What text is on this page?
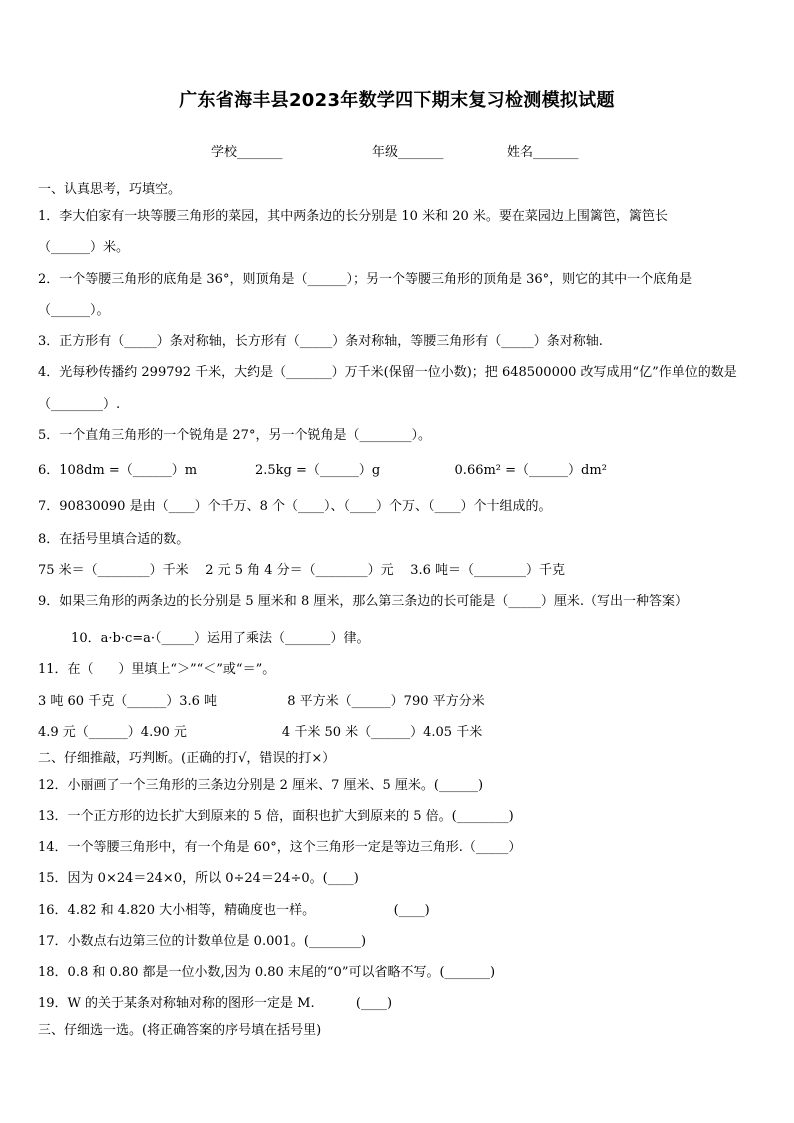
广东省海丰县2023年数学四下期末复习检测模拟试题
学校_______	年级_______	姓名_______
一、认真思考，巧填空。
1．李大伯家有一块等腰三角形的菜园，其中两条边的长分别是 10 米和 20 米。要在菜园边上围篱笆，篱笆长
（______）米。
2．一个等腰三角形的底角是 36°，则顶角是（______）；另一个等腰三角形的顶角是 36°，则它的其中一个底角是
（______）。
3．正方形有（_____）条对称轴，长方形有（_____）条对称轴，等腰三角形有（_____）条对称轴.
4．光每秒传播约 299792 千米，大约是（_______）万千米(保留一位小数)；把 648500000 改写成用“亿”作单位的数是
（________）.
5．一个直角三角形的一个锐角是 27°，另一个锐角是（________）。
6．108dm =（______）m              2.5kg =（______）g                  0.66m² =（______）dm²
7．90830090 是由（____）个千万、8 个（____）、（____）个万、（____）个十组成的。
8．在括号里填合适的数。
75 米＝（________）千米    2 元 5 角 4 分＝（________）元    3.6 吨＝（________）千克
9．如果三角形的两条边的长分别是 5 厘米和 8 厘米，那么第三条边的长可能是（_____）厘米.（写出一种答案）
10．a·b·c=a·（_____）运用了乘法（_______）律。
11．在（      ）里填上“＞”“＜”或“＝”。
3 吨 60 千克（______）3.6 吨                 8 平方米（______）790 平方分米
4.9 元（______）4.90 元                       4 千米 50 米（______）4.05 千米
二、仔细推敲，巧判断。(正确的打√，错误的打×）
12．小丽画了一个三角形的三条边分别是 2 厘米、7 厘米、5 厘米。(______)
13．一个正方形的边长扩大到原来的 5 倍，面积也扩大到原来的 5 倍。(________)
14．一个等腰三角形中，有一个角是 60°，这个三角形一定是等边三角形.（_____）
15．因为 0×24＝24×0，所以 0÷24＝24÷0。(____)
16．4.82 和 4.820 大小相等，精确度也一样。                   (____)
17．小数点右边第三位的计数单位是 0.001。(________)
18．0.8 和 0.80 都是一位小数,因为 0.80 末尾的“0”可以省略不写。(_______)
19．W 的关于某条对称轴对称的图形一定是 M.          (____)
三、仔细选一选。(将正确答案的序号填在括号里)
